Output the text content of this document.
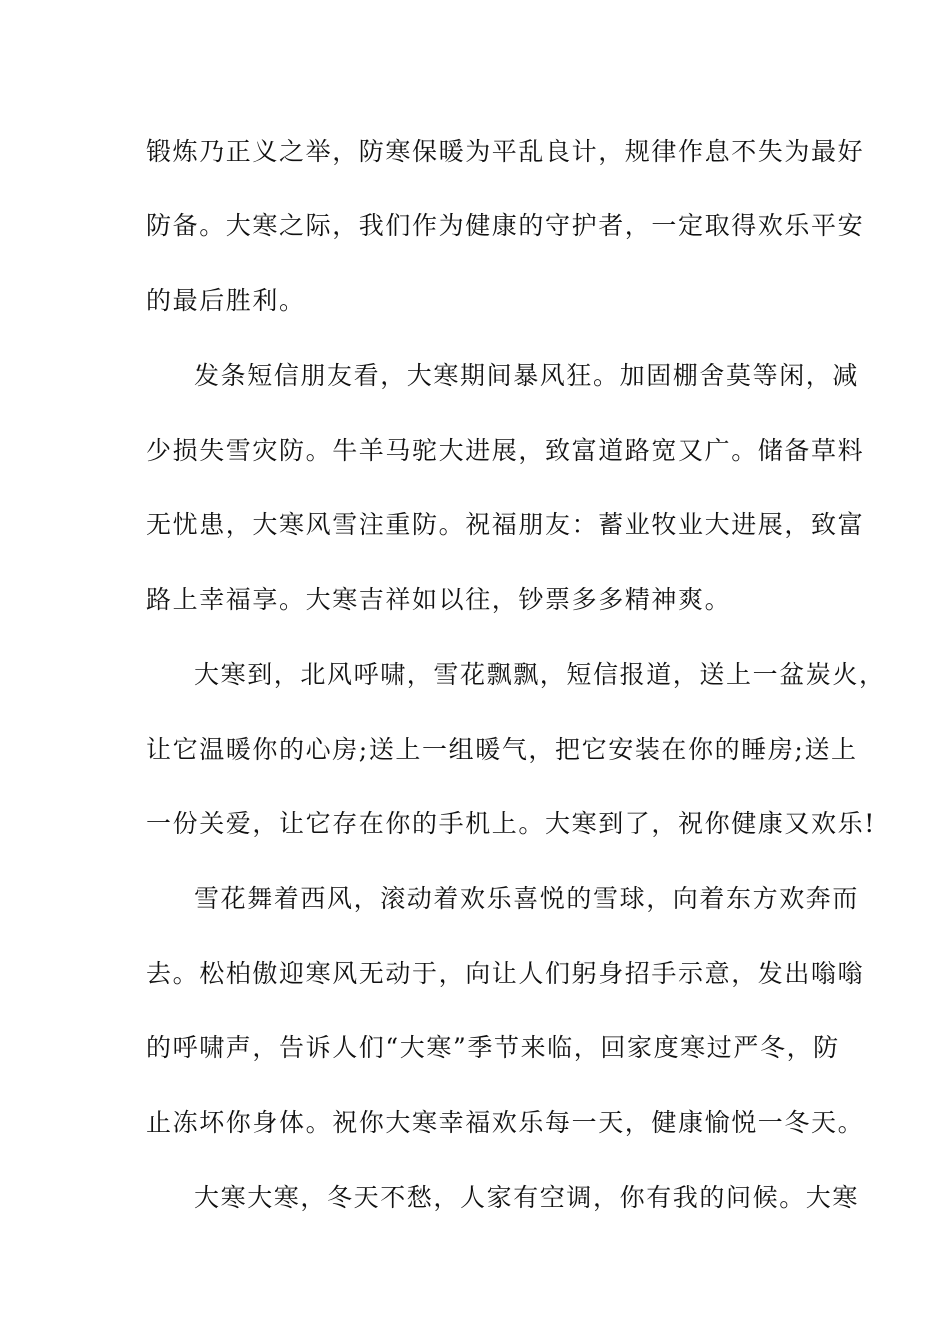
锻炼乃正义之举，防寒保暖为平乱良计，规律作息不失为最好
防备。大寒之际，我们作为健康的守护者，一定取得欢乐平安
的最后胜利。
发条短信朋友看，大寒期间暴风狂。加固棚舍莫等闲，减
少损失雪灾防。牛羊马驼大进展，致富道路宽又广。储备草料
无忧患，大寒风雪注重防。祝福朋友：蓄业牧业大进展，致富
路上幸福享。大寒吉祥如以往，钞票多多精神爽。
大寒到，北风呼啸，雪花飘飘，短信报道，送上一盆炭火，
让它温暖你的心房;送上一组暖气，把它安装在你的睡房;送上
一份关爱，让它存在你的手机上。大寒到了，祝你健康又欢乐!
雪花舞着西风，滚动着欢乐喜悦的雪球，向着东方欢奔而
去。松柏傲迎寒风无动于，向让人们躬身招手示意，发出嗡嗡
的呼啸声，告诉人们“大寒”季节来临，回家度寒过严冬，防
止冻坏你身体。祝你大寒幸福欢乐每一天，健康愉悦一冬天。
大寒大寒，冬天不愁，人家有空调，你有我的问候。大寒
